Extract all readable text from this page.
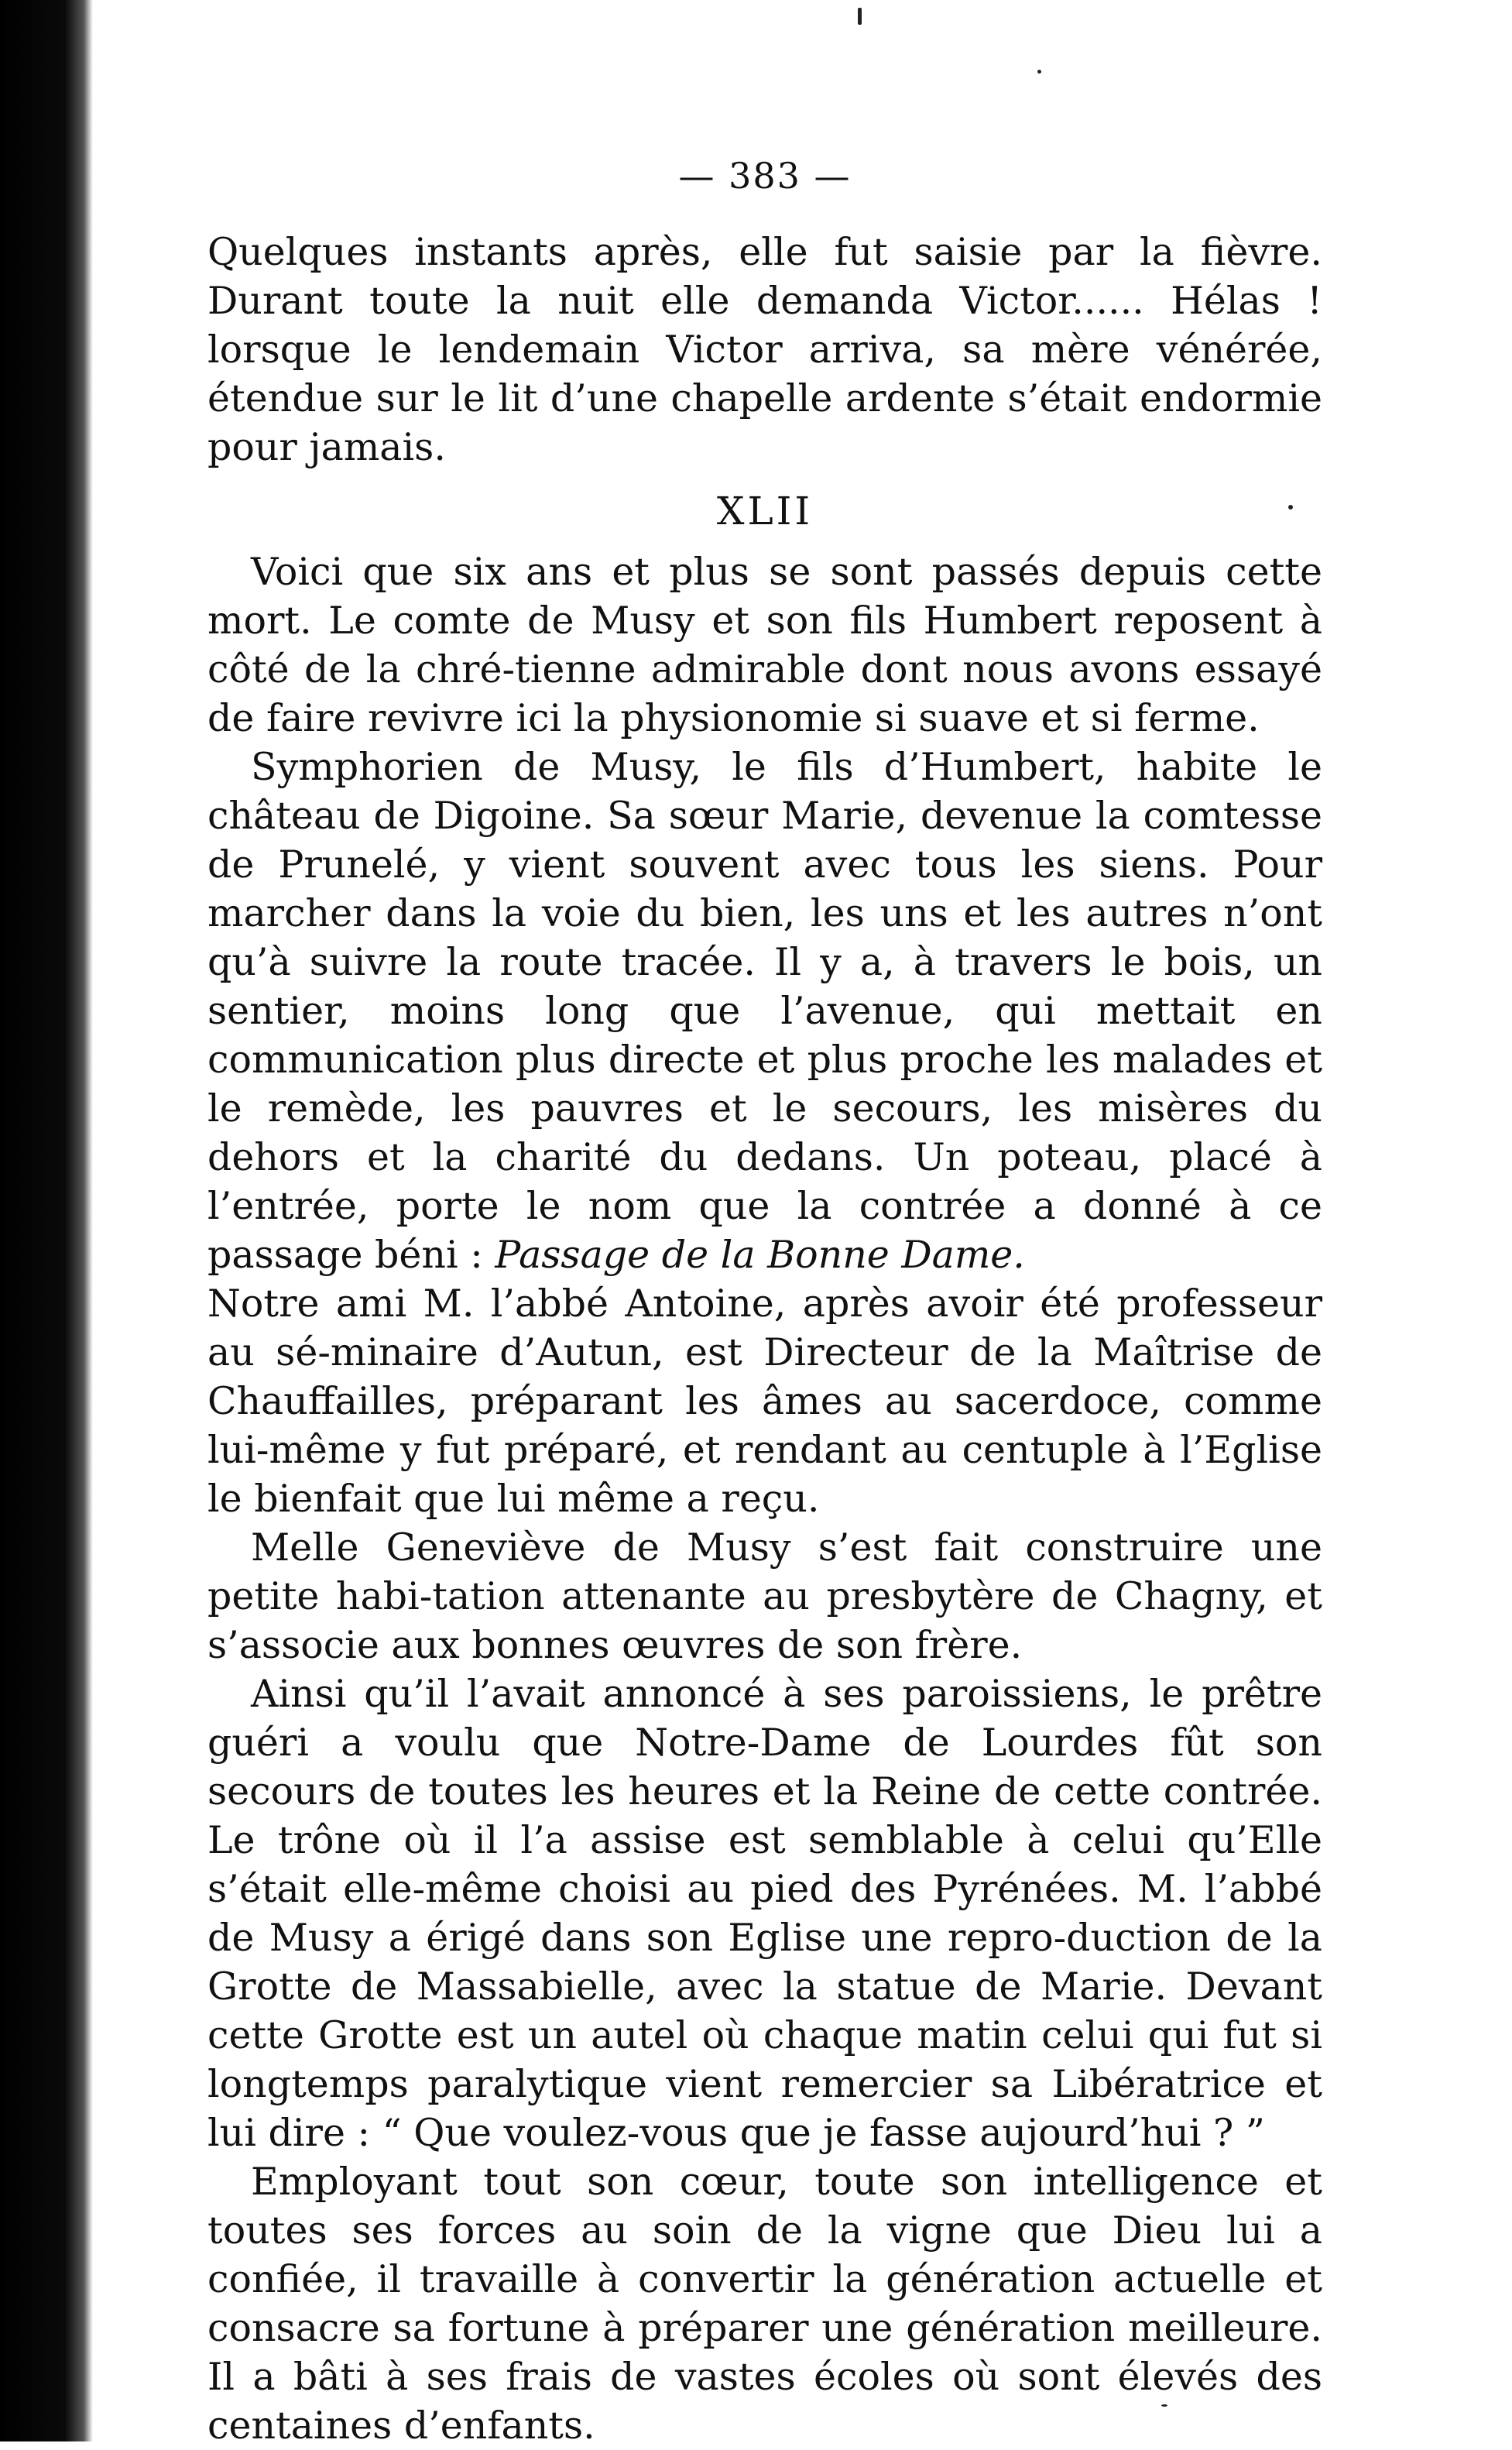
— 383 —

Quelques instants après, elle fut saisie par la fièvre. Durant toute la nuit elle demanda Victor...... Hélas ! lorsque le lendemain Victor arriva, sa mère vénérée, étendue sur le lit d’une chapelle ardente s’était endormie pour jamais.

XLII

Voici que six ans et plus se sont passés depuis cette mort. Le comte de Musy et son fils Humbert reposent à côté de la chré-tienne admirable dont nous avons essayé de faire revivre ici la physionomie si suave et si ferme.

Symphorien de Musy, le fils d’Humbert, habite le château de Digoine. Sa sœur Marie, devenue la comtesse de Prunelé, y vient souvent avec tous les siens. Pour marcher dans la voie du bien, les uns et les autres n’ont qu’à suivre la route tracée. Il y a, à travers le bois, un sentier, moins long que l’avenue, qui mettait en communication plus directe et plus proche les malades et le remède, les pauvres et le secours, les misères du dehors et la charité du dedans. Un poteau, placé à l’entrée, porte le nom que la contrée a donné à ce passage béni : Passage de la Bonne Dame.

Notre ami M. l’abbé Antoine, après avoir été professeur au sé-minaire d’Autun, est Directeur de la Maîtrise de Chauffailles, préparant les âmes au sacerdoce, comme lui-même y fut préparé, et rendant au centuple à l’Eglise le bienfait que lui même a reçu.

Melle Geneviève de Musy s’est fait construire une petite habi-tation attenante au presbytère de Chagny, et s’associe aux bonnes œuvres de son frère.

Ainsi qu’il l’avait annoncé à ses paroissiens, le prêtre guéri a voulu que Notre-Dame de Lourdes fût son secours de toutes les heures et la Reine de cette contrée. Le trône où il l’a assise est semblable à celui qu’Elle s’était elle-même choisi au pied des Pyrénées. M. l’abbé de Musy a érigé dans son Eglise une repro-duction de la Grotte de Massabielle, avec la statue de Marie. Devant cette Grotte est un autel où chaque matin celui qui fut si longtemps paralytique vient remercier sa Libératrice et lui dire : “ Que voulez-vous que je fasse aujourd’hui ? ”

Employant tout son cœur, toute son intelligence et toutes ses forces au soin de la vigne que Dieu lui a confiée, il travaille à convertir la génération actuelle et consacre sa fortune à préparer une génération meilleure. Il a bâti à ses frais de vastes écoles où sont élevés des centaines d’enfants.
